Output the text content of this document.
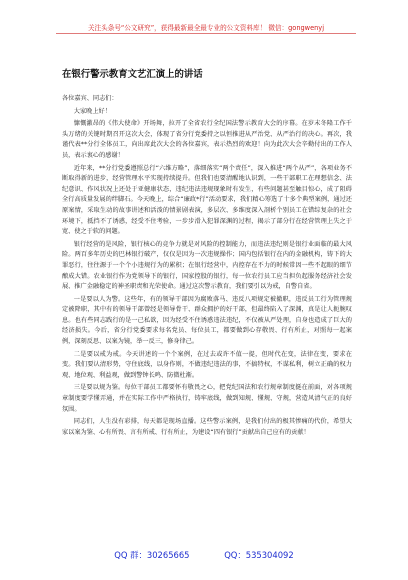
关注头条号“公文研究”，获得最新最全最专业的公文资料库！ 微信：gongwenyj
在银行警示教育文艺汇演上的讲话

各位嘉宾、同志们：

大家晚上好！

慷慨激昂的《伟大使命》开场舞，拉开了全省农行全纪国法警示教育大会的序幕。在岁末冬隆工作千头万绪的关键时期召开这次大会，体现了省分行党委持之以恒推进从严治党、从严治行的决心。再次，我谨代表**分行全体员工，向出席此次大会的各位嘉宾，表示热烈的欢迎！向为此次大会辛勤付出的工作人员，表示衷心的感谢！

近年来，**分行党委遵照总行“六维方略”，落细落实“两个责任”，深入推进“两个从严”，各项业务不断取得新的进步，经营管理水平实现持续提升。但我们也要清醒地认识到，一些干部职工在理想信念、法纪意识、作风状况上还处于亚健康状态，违纪违法违规现象时有发生，有些问题甚至触目惊心，成了阻碍全行高质量发展的绊脚石。今天晚上，综合“廉政*行”活动要求，我们精心筹选了十多个典型案例，通过还原案情，采取生动的故事讲述和活泼的情景剧表演，多层次、多维度深入剖析个别员工在错综复杂的社会环境下，抵挡不了诱惑，经受不住考验，一步步滑入犯罪深渊的过程，揭示了部分行在经营管理上失之于宽、使之于软的问题。

银行经营的是风险，银行核心的竞争力就是对风险的控制能力，而违法违纪则是银行业面临的最大风险。两百多年历史的巴林银行破产，仅仅是因为一次违规操作；国内包括银行在内的金融机构，铸下的大罪恶行，往往源于一个个小违规行为的累积；在银行经营中，内控存在不力的时候常因一些不起眼的细节酿成大错。农业银行作为党领导下的银行，国家控股的银行，每一位农行员工应当担负起服务经济社会发展、推广金融稳定的神圣职责和光荣使命。通过这次警示教育，我们要引以为戒，自警自省。

一是要以人为警。这些年，有的领导干部因为腐败落马、违反八项规定被撤职，违反员工行为管理规定被降职，其中有的领导干部曾经是领导骨干、群众拥护的好干部，但最终陷入了深渊，真是让人扼腕叹息。也有些同志践行的是一己私欲，因为经受不住诱惑违法违纪，不仅被从严处理，自身也造成了巨大的经济损失。今后，省分行党委要求每名党员、每位员工，都要做到心存敬畏、行有所止，对照每一起案例，深刻反思、以案为镜，举一反三，修身律己。

二是要以戒为戒。今天讲述的一个个案例，在过去或许不值一提，但时代在变，法律在变，要求在变。我们要认清形势，守住底线，以身作则，不做违纪违法的事，不搞特权，不谋私利，树立正确的权力观、地位观、利益观，做到警钟长鸣、防微杜渐。

三是要以规为鉴。每位干部员工都要怀有敬畏之心，把党纪国法和农行规章制度挺在前面，对各项规章制度要学懂弄通，并在实际工作中严格执行，铸牢底线，做到知规、懂规、守规，营造风清气正的良好氛围。

同志们，人生没有彩排，每天都是现场直播。这些警示案例，是我们付出的极其惨痛的代价，希望大家以案为鉴、心有所畏、言有所戒、行有所止，为建设“四有银行”贡献出自己应有的贡献！

QQ 群：30265665	QQ：535304092
